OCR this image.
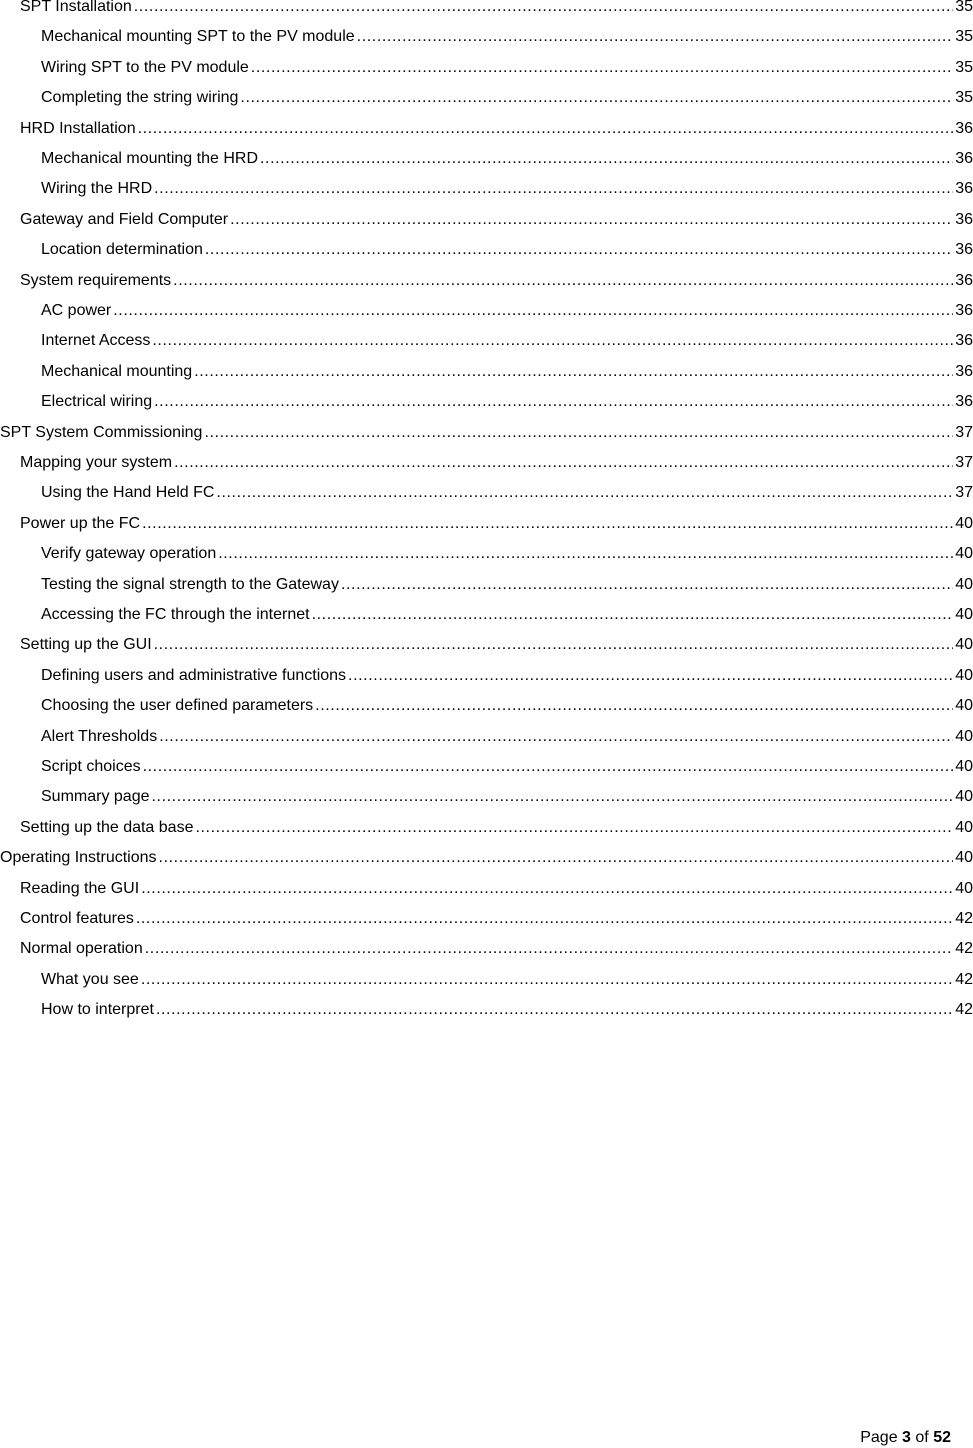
SPT Installation .....	35
Mechanical mounting SPT to the PV module .....	35
Wiring SPT to the PV module .....	35
Completing the string wiring .....	35
HRD Installation .....	36
Mechanical mounting the HRD .....	36
Wiring the HRD .....	36
Gateway and Field Computer .....	36
Location determination .....	36
System requirements .....	36
AC power .....	36
Internet Access .....	36
Mechanical mounting .....	36
Electrical wiring .....	36
SPT System Commissioning .....	37
Mapping your system .....	37
Using the Hand Held FC .....	37
Power up the FC .....	40
Verify gateway operation .....	40
Testing the signal strength to the Gateway .....	40
Accessing the FC through the internet .....	40
Setting up the GUI .....	40
Defining users and administrative functions .....	40
Choosing the user defined parameters .....	40
Alert Thresholds .....	40
Script choices .....	40
Summary page .....	40
Setting up the data base .....	40
Operating Instructions .....	40
Reading the GUI .....	40
Control features .....	42
Normal operation .....	42
What you see .....	42
How to interpret .....	42
Page 3 of 52
